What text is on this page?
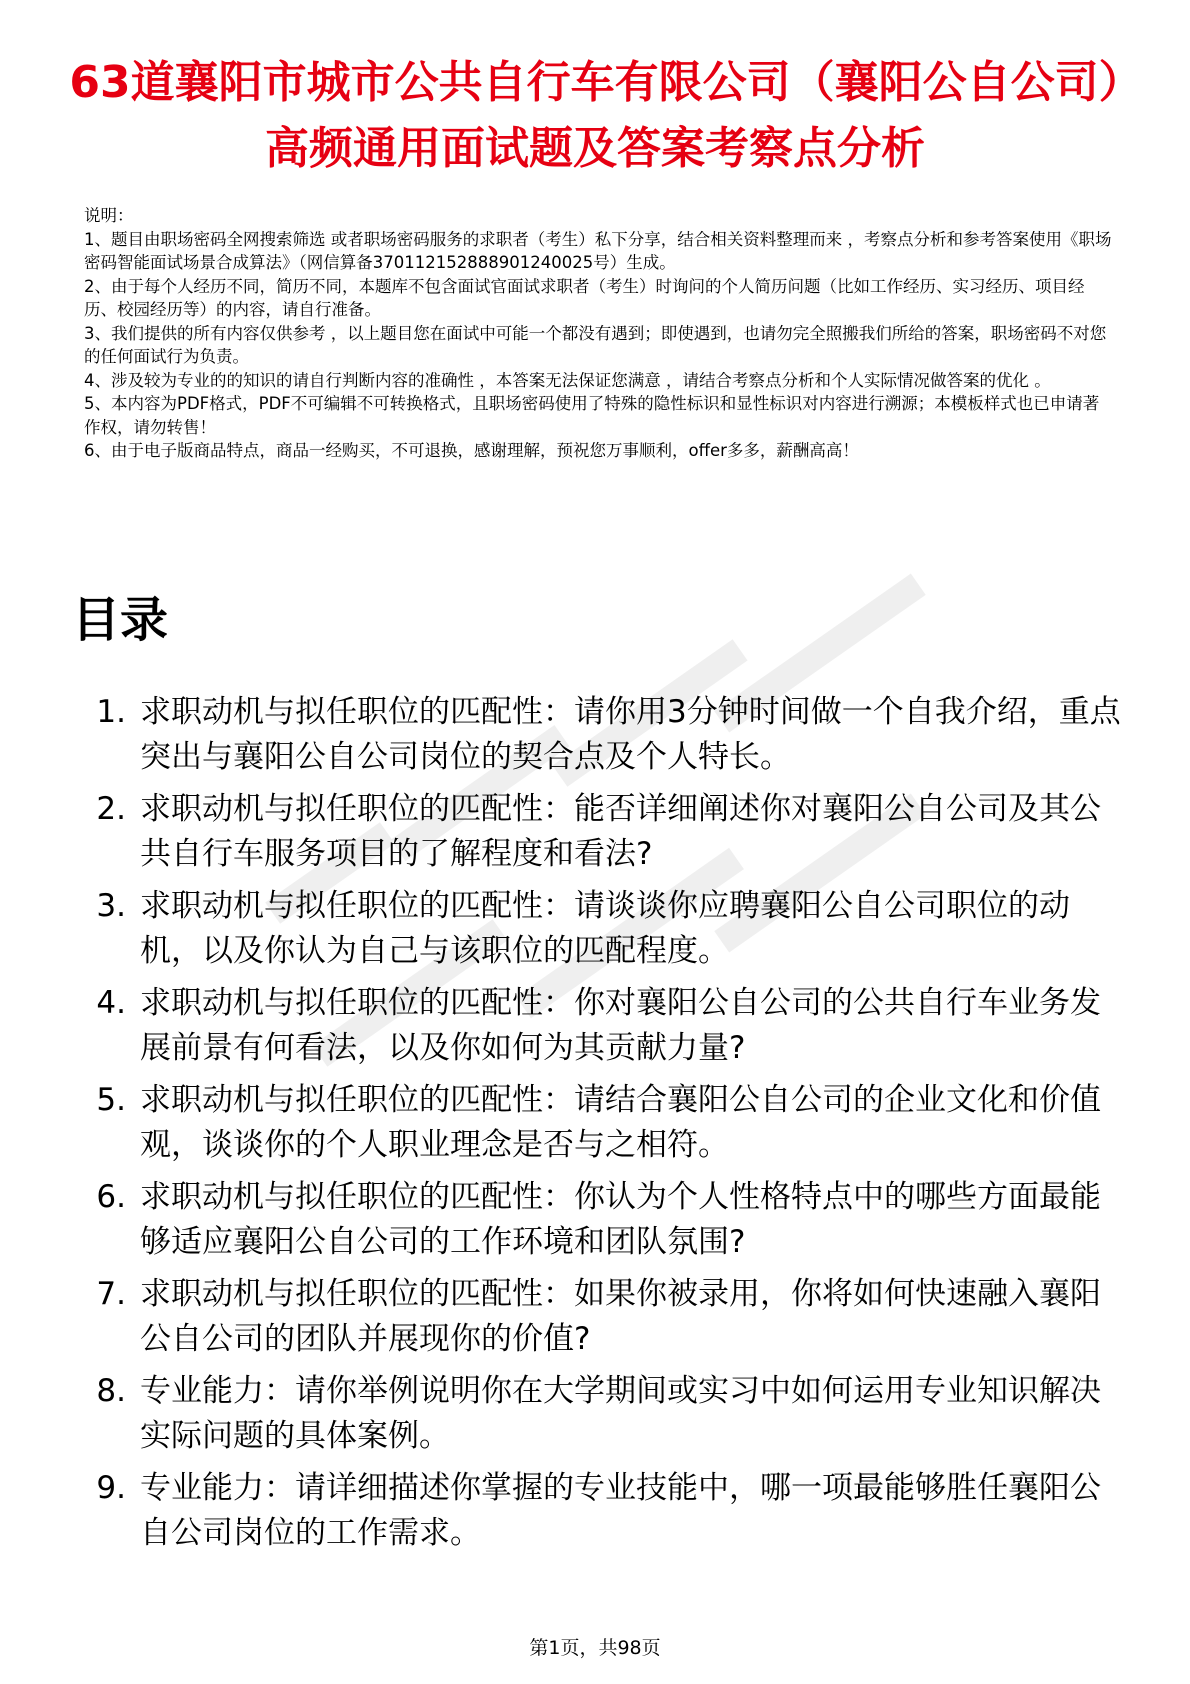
63道襄阳市城市公共自行车有限公司（襄阳公自公司）高频通用面试题及答案考察点分析

说明：

1、题目由职场密码全网搜索筛选 或者职场密码服务的求职者（考生）私下分享，结合相关资料整理而来 ，考察点分析和参考答案使用《职场密码智能面试场景合成算法》（网信算备370112152888901240025号）生成。

2、由于每个人经历不同，简历不同，本题库不包含面试官面试求职者（考生）时询问的个人简历问题（比如工作经历、实习经历、项目经历、校园经历等）的内容，请自行准备。

3、我们提供的所有内容仅供参考 ，以上题目您在面试中可能一个都没有遇到；即使遇到，也请勿完全照搬我们所给的答案，职场密码不对您的任何面试行为负责。

4、涉及较为专业的的知识的请自行判断内容的准确性 ，本答案无法保证您满意 ，请结合考察点分析和个人实际情况做答案的优化 。

5、本内容为PDF格式，PDF不可编辑不可转换格式，且职场密码使用了特殊的隐性标识和显性标识对内容进行溯源；本模板样式也已申请著作权，请勿转售！

6、由于电子版商品特点，商品一经购买，不可退换，感谢理解，预祝您万事顺利，offer多多，薪酬高高！

目录
1. 求职动机与拟任职位的匹配性：请你用3分钟时间做一个自我介绍，重点突出与襄阳公自公司岗位的契合点及个人特长。
2. 求职动机与拟任职位的匹配性：能否详细阐述你对襄阳公自公司及其公共自行车服务项目的了解程度和看法?
3. 求职动机与拟任职位的匹配性：请谈谈你应聘襄阳公自公司职位的动机，以及你认为自己与该职位的匹配程度。
4. 求职动机与拟任职位的匹配性：你对襄阳公自公司的公共自行车业务发展前景有何看法，以及你如何为其贡献力量?
5. 求职动机与拟任职位的匹配性：请结合襄阳公自公司的企业文化和价值观，谈谈你的个人职业理念是否与之相符。
6. 求职动机与拟任职位的匹配性：你认为个人性格特点中的哪些方面最能够适应襄阳公自公司的工作环境和团队氛围?
7. 求职动机与拟任职位的匹配性：如果你被录用，你将如何快速融入襄阳公自公司的团队并展现你的价值?
8. 专业能力：请你举例说明你在大学期间或实习中如何运用专业知识解决实际问题的具体案例。
9. 专业能力：请详细描述你掌握的专业技能中，哪一项最能够胜任襄阳公自公司岗位的工作需求。
第1页，共98页
